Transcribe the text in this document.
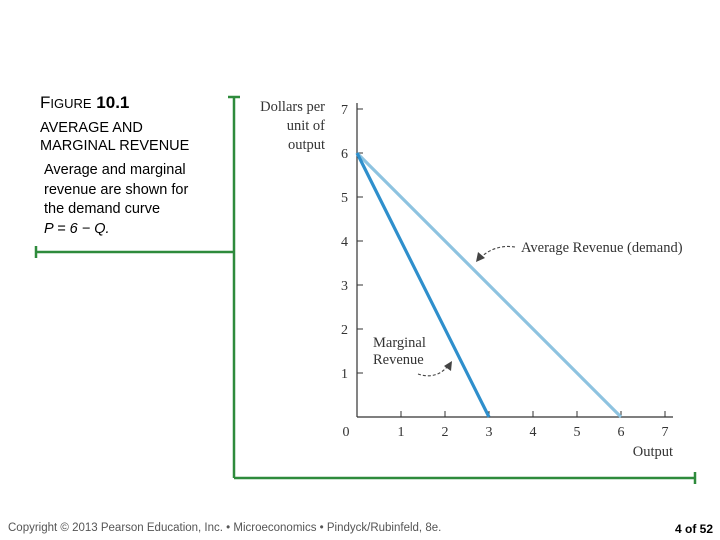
FIGURE 10.1
AVERAGE AND
MARGINAL REVENUE
Average and marginal
revenue are shown for
the demand curve
P = 6 − Q.
1
2
3
4
5
6
7
0	1	2	3	4	5	6	7
Dollars per
unit of
output
Output
Average Revenue (demand)
Marginal
Revenue
Copyright © 2013 Pearson Education, Inc. • Microeconomics • Pindyck/Rubinfeld, 8e.	4 of 52
